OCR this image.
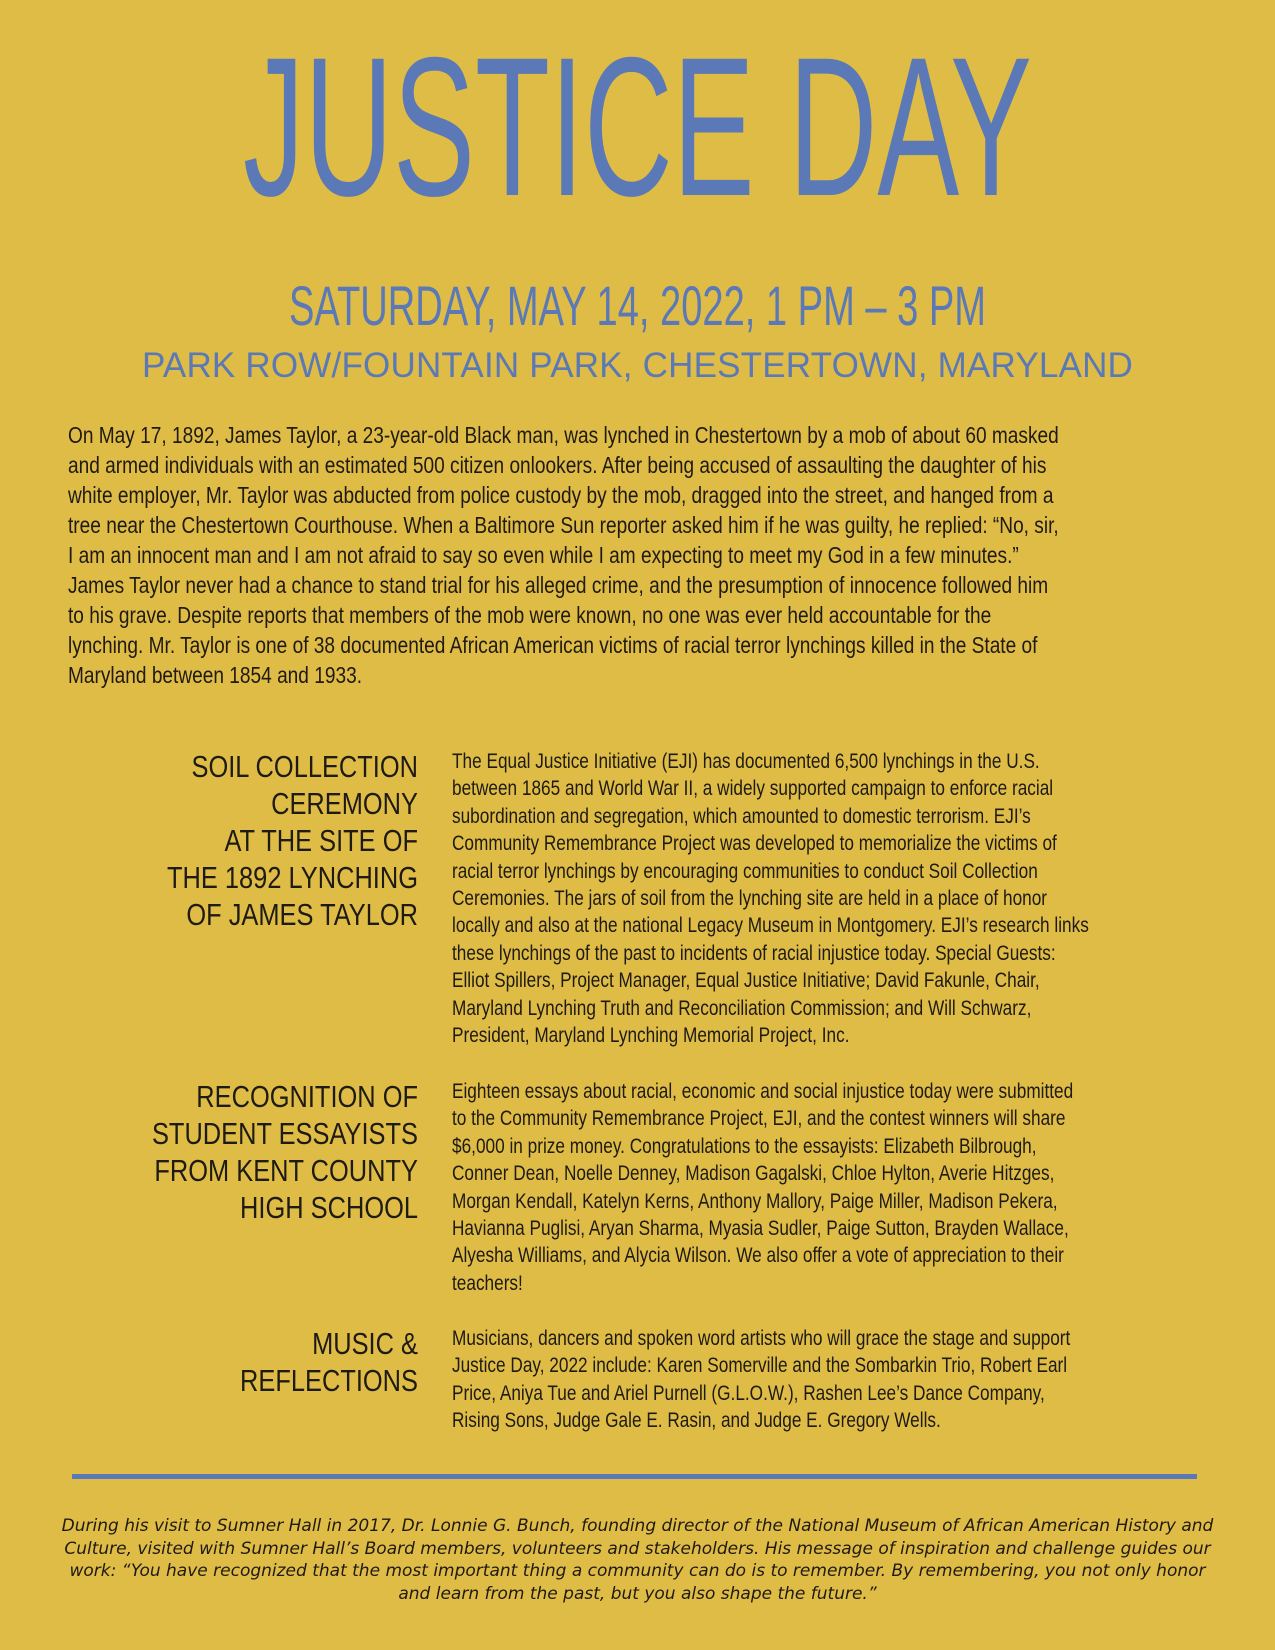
JUSTICE DAY
SATURDAY, MAY 14, 2022, 1 PM – 3 PM
PARK ROW/FOUNTAIN PARK, CHESTERTOWN, MARYLAND
On May 17, 1892, James Taylor, a 23-year-old Black man, was lynched in Chestertown by a mob of about 60 masked and armed individuals with an estimated 500 citizen onlookers. After being accused of assaulting the daughter of his white employer, Mr. Taylor was abducted from police custody by the mob, dragged into the street, and hanged from a tree near the Chestertown Courthouse. When a Baltimore Sun reporter asked him if he was guilty, he replied: “No, sir, I am an innocent man and I am not afraid to say so even while I am expecting to meet my God in a few minutes.” James Taylor never had a chance to stand trial for his alleged crime, and the presumption of innocence followed him to his grave. Despite reports that members of the mob were known, no one was ever held accountable for the lynching. Mr. Taylor is one of 38 documented African American victims of racial terror lynchings killed in the State of Maryland between 1854 and 1933.
SOIL COLLECTION
CEREMONY
AT THE SITE OF
THE 1892 LYNCHING
OF JAMES TAYLOR
The Equal Justice Initiative (EJI) has documented 6,500 lynchings in the U.S. between 1865 and World War II, a widely supported campaign to enforce racial subordination and segregation, which amounted to domestic terrorism. EJI’s Community Remembrance Project was developed to memorialize the victims of racial terror lynchings by encouraging communities to conduct Soil Collection Ceremonies. The jars of soil from the lynching site are held in a place of honor locally and also at the national Legacy Museum in Montgomery. EJI’s research links these lynchings of the past to incidents of racial injustice today. Special Guests: Elliot Spillers, Project Manager, Equal Justice Initiative; David Fakunle, Chair, Maryland Lynching Truth and Reconciliation Commission; and Will Schwarz, President, Maryland Lynching Memorial Project, Inc.
RECOGNITION OF
STUDENT ESSAYISTS
FROM KENT COUNTY
HIGH SCHOOL
Eighteen essays about racial, economic and social injustice today were submitted to the Community Remembrance Project, EJI, and the contest winners will share $6,000 in prize money. Congratulations to the essayists: Elizabeth Bilbrough, Conner Dean, Noelle Denney, Madison Gagalski, Chloe Hylton, Averie Hitzges, Morgan Kendall, Katelyn Kerns, Anthony Mallory, Paige Miller, Madison Pekera, Havianna Puglisi, Aryan Sharma, Myasia Sudler, Paige Sutton, Brayden Wallace, Alyesha Williams, and Alycia Wilson. We also offer a vote of appreciation to their teachers!
MUSIC & REFLECTIONS
Musicians, dancers and spoken word artists who will grace the stage and support Justice Day, 2022 include: Karen Somerville and the Sombarkin Trio, Robert Earl Price, Aniya Tue and Ariel Purnell (G.L.O.W.), Rashen Lee’s Dance Company, Rising Sons, Judge Gale E. Rasin, and Judge E. Gregory Wells.
During his visit to Sumner Hall in 2017, Dr. Lonnie G. Bunch, founding director of the National Museum of African American History and Culture, visited with Sumner Hall’s Board members, volunteers and stakeholders. His message of inspiration and challenge guides our work: “You have recognized that the most important thing a community can do is to remember. By remembering, you not only honor and learn from the past, but you also shape the future.”
